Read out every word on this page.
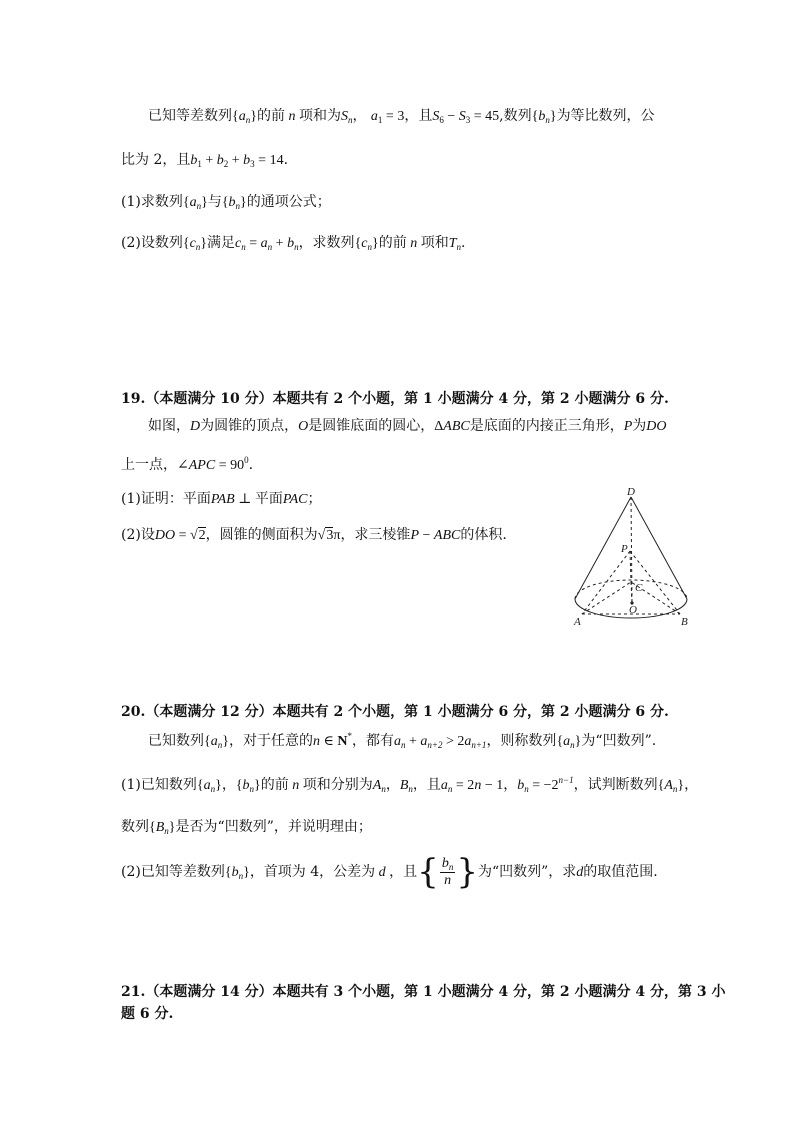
已知等差数列$\{a_n\}$的前 n 项和为$S_n$， $a_1 = 3$，且$S_6 - S_3 = 45$,数列$\{b_n\}$为等比数列，公
比为 2，且$b_1 + b_2 + b_3 = 14$.
(1)求数列$\{a_n\}$与$\{b_n\}$的通项公式；
(2)设数列$\{c_n\}$满足$c_n = a_n + b_n$，求数列$\{c_n\}$的前 n 项和$T_n$.
19.（本题满分 10 分）本题共有 2 个小题，第 1 小题满分 4 分，第 2 小题满分 6 分.
如图，D为圆锥的顶点，O是圆锥底面的圆心，ΔABC是底面的内接正三角形，P为DO
上一点，∠APC = $90^0$.
(1)证明：平面PAB ⊥ 平面PAC；
(2)设DO = √2，圆锥的侧面积为√3π，求三棱锥P − ABC的体积.
D
P
C
O
A	B
20.（本题满分 12 分）本题共有 2 个小题，第 1 小题满分 6 分，第 2 小题满分 6 分.
已知数列$\{a_n\}$，对于任意的n ∈ N*，都有$a_n + a_{n+2} > 2a_{n+1}$，则称数列$\{a_n\}$为“凹数列”.
(1)已知数列$\{a_n\}$，$\{b_n\}$的前 n 项和分别为$A_n$，$B_n$，且$a_n = 2n - 1$，$b_n = -2^{n-1}$，试判断数列$\{A_n\}$，
数列$\{B_n\}$是否为“凹数列”，并说明理由；
(2)已知等差数列$\{b_n\}$，首项为 4，公差为 d ，且{ $\frac{b_n}{n}$ }为“凹数列”，求d的取值范围.
21.（本题满分 14 分）本题共有 3 个小题，第 1 小题满分 4 分，第 2 小题满分 4 分，第 3 小
题 6 分.
